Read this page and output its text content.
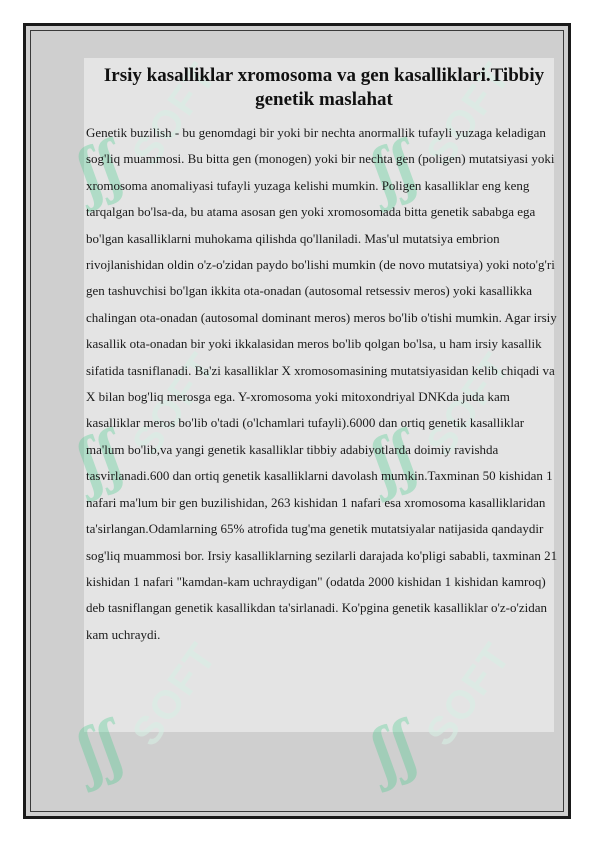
ʃʃ
SOFT ʃʃ
SOFT
ʃʃ
SOFT ʃʃ
SOFT
ʃʃ
SOFT ʃʃ
SOFT
Irsiy kasalliklar xromosoma va gen kasalliklari.Tibbiy genetik maslahat

Genetik buzilish - bu genomdagi bir yoki bir nechta anormallik tufayli yuzaga keladigan sog'liq muammosi. Bu bitta gen (monogen) yoki bir nechta gen (poligen) mutatsiyasi yoki xromosoma anomaliyasi tufayli yuzaga kelishi mumkin. Poligen kasalliklar eng keng tarqalgan bo'lsa-da, bu atama asosan gen yoki xromosomada bitta genetik sababga ega bo'lgan kasalliklarni muhokama qilishda qo'llaniladi. Mas'ul mutatsiya embrion rivojlanishidan oldin o'z-o'zidan paydo bo'lishi mumkin (de novo mutatsiya) yoki noto'g'ri gen tashuvchisi bo'lgan ikkita ota-onadan (autosomal retsessiv meros) yoki kasallikka chalingan ota-onadan (autosomal dominant meros) meros bo'lib o'tishi mumkin. Agar irsiy kasallik ota-onadan bir yoki ikkalasidan meros bo'lib qolgan bo'lsa, u ham irsiy kasallik sifatida tasniflanadi. Ba'zi kasalliklar X xromosomasining mutatsiyasidan kelib chiqadi va X bilan bog'liq merosga ega. Y-xromosoma yoki mitoxondriyal DNKda juda kam kasalliklar meros bo'lib o'tadi (o'lchamlari tufayli).6000 dan ortiq genetik kasalliklar ma'lum bo'lib,va yangi genetik kasalliklar tibbiy adabiyotlarda doimiy ravishda tasvirlanadi.600 dan ortiq genetik kasalliklarni davolash mumkin.Taxminan 50 kishidan 1 nafari ma'lum bir gen buzilishidan, 263 kishidan 1 nafari esa xromosoma kasalliklaridan ta'sirlangan.Odamlarning 65% atrofida tug'ma genetik mutatsiyalar natijasida qandaydir sog'liq muammosi bor. Irsiy kasalliklarning sezilarli darajada ko'pligi sababli, taxminan 21 kishidan 1 nafari "kamdan-kam uchraydigan" (odatda 2000 kishidan 1 kishidan kamroq) deb tasniflangan genetik kasallikdan ta'sirlanadi. Ko'pgina genetik kasalliklar o'z-o'zidan kam uchraydi.
